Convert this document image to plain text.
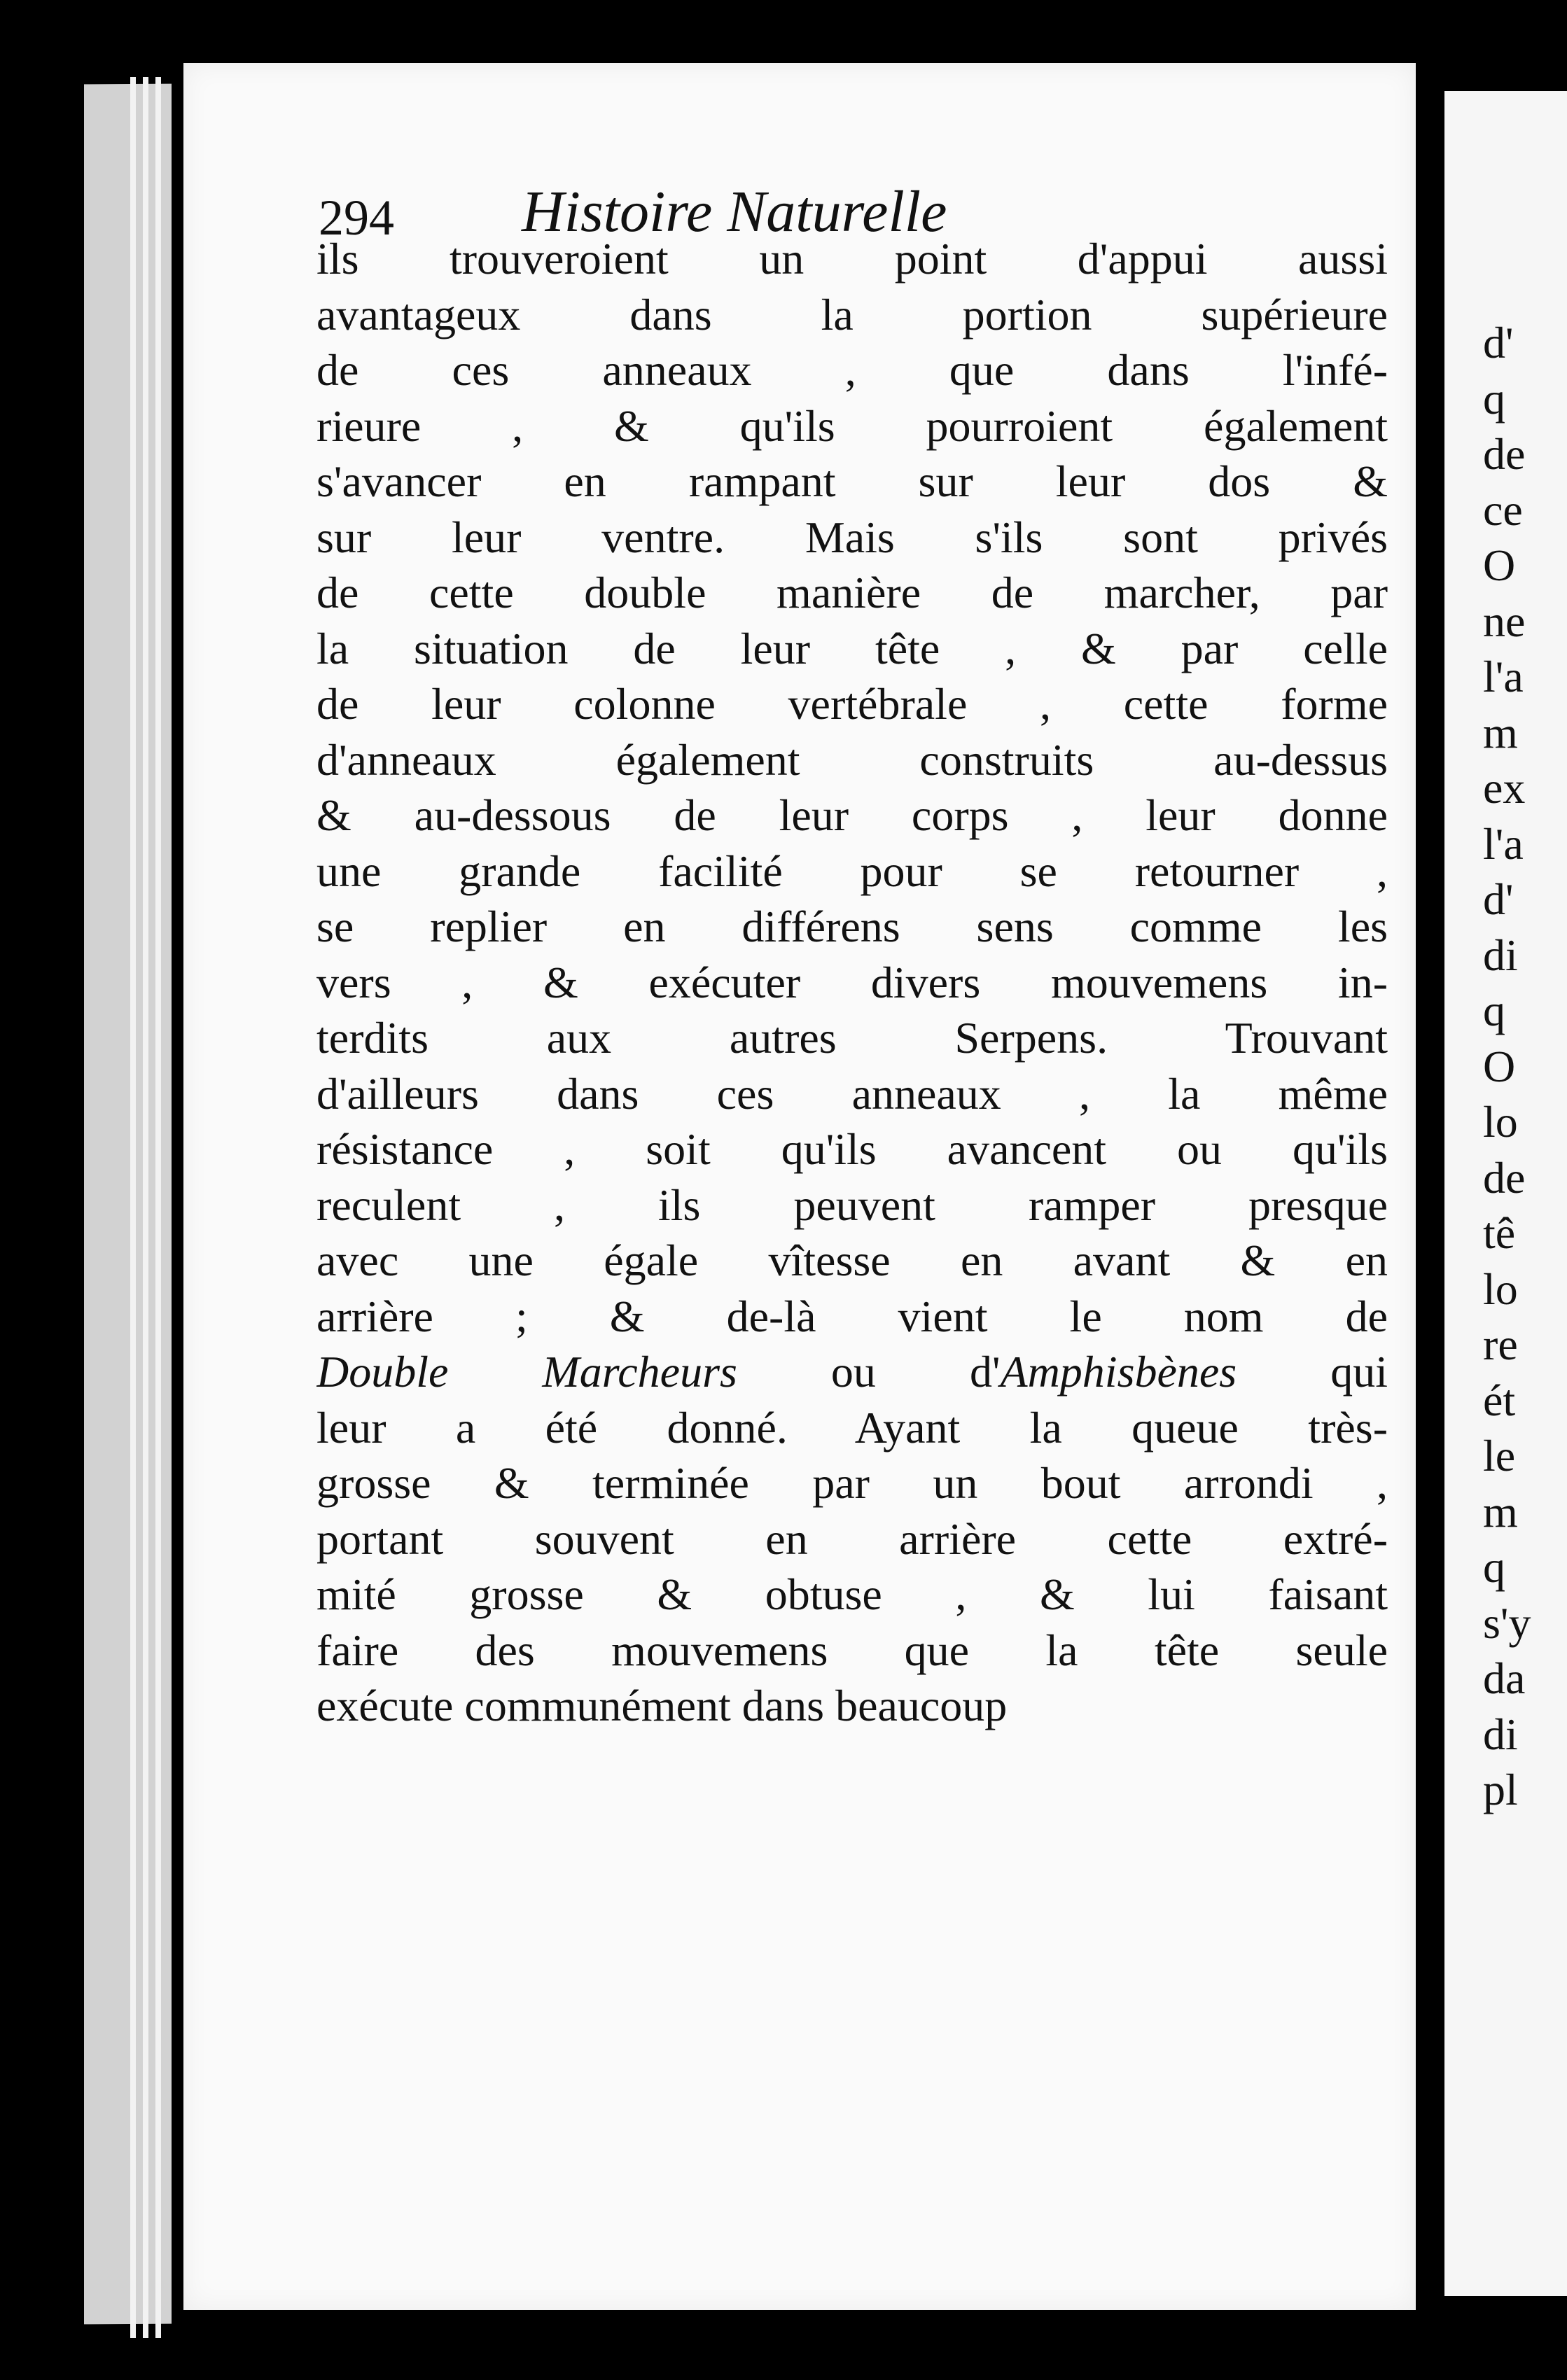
294 Histoire Naturelle
ils trouveroient un point d'appui aussi
avantageux dans la portion supérieure
de ces anneaux , que dans l'infé-
rieure , & qu'ils pourroient également
s'avancer en rampant sur leur dos &
sur leur ventre. Mais s'ils sont privés
de cette double manière de marcher, par
la situation de leur tête , & par celle
de leur colonne vertébrale , cette forme
d'anneaux également construits au-dessus
& au-dessous de leur corps , leur donne
une grande facilité pour se retourner ,
se replier en différens sens comme les
vers , & exécuter divers mouvemens in-
terdits aux autres Serpens. Trouvant
d'ailleurs dans ces anneaux , la même
résistance , soit qu'ils avancent ou qu'ils
reculent , ils peuvent ramper presque
avec une égale vîtesse en avant & en
arrière ; & de-là vient le nom de
Double Marcheurs ou d'Amphisbènes qui
leur a été donné. Ayant la queue très-
grosse & terminée par un bout arrondi ,
portant souvent en arrière cette extré-
mité grosse & obtuse , & lui faisant
faire des mouvemens que la tête seule
exécute communément dans beaucoup
d'
q
de
ce
O
ne
l'a
m
ex
l'a
d'
di
q
O
lo
de
tê
lo
re
ét
le
m
q
s'y
da
di
pl
